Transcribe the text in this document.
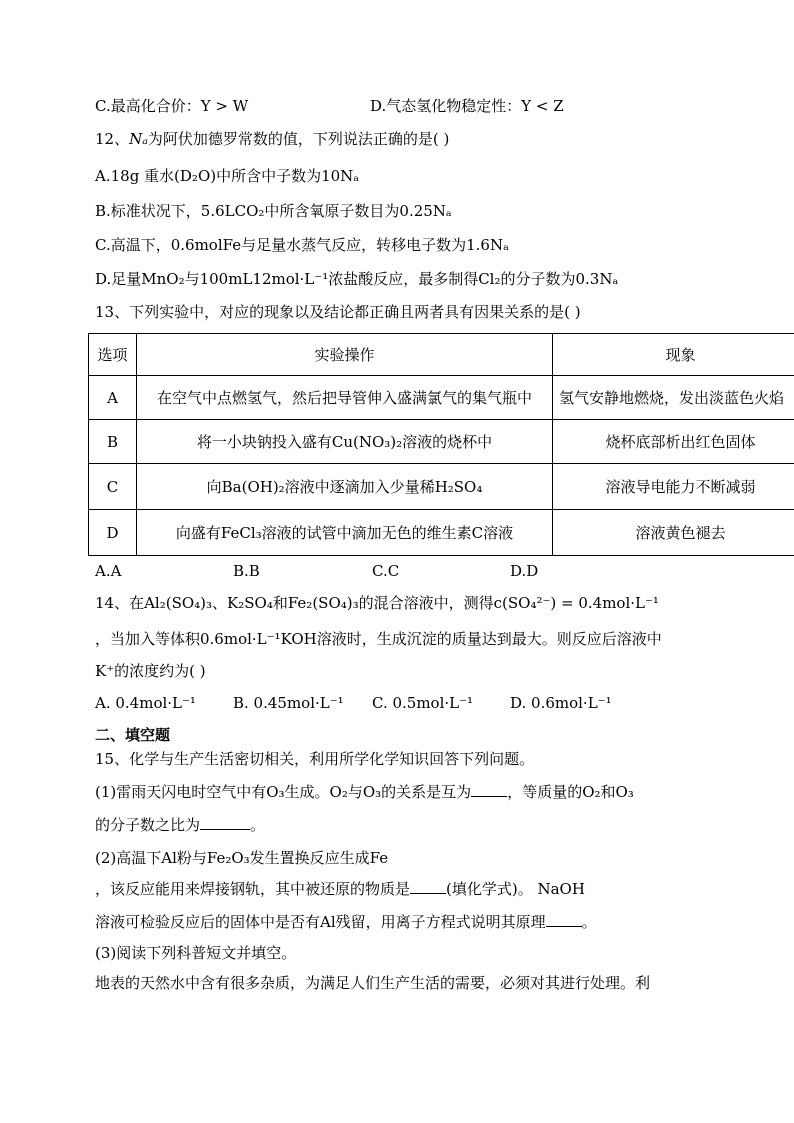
C.最高化合价：Y > W	D.气态氢化物稳定性：Y < Z
12、Nₐ为阿伏加德罗常数的值，下列说法正确的是( )
A.18g 重水(D₂O)中所含中子数为10Nₐ
B.标准状况下，5.6LCO₂中所含氧原子数目为0.25Nₐ
C.高温下，0.6molFe与足量水蒸气反应，转移电子数为1.6Nₐ
D.足量MnO₂与100mL12mol·L⁻¹浓盐酸反应，最多制得Cl₂的分子数为0.3Nₐ
13、下列实验中，对应的现象以及结论都正确且两者具有因果关系的是( )
选项	实验操作	现象
A	在空气中点燃氢气，然后把导管伸入盛满氯气的集气瓶中	氢气安静地燃烧，发出淡蓝色火焰
B	将一小块钠投入盛有Cu(NO₃)₂溶液的烧杯中	烧杯底部析出红色固体
C	向Ba(OH)₂溶液中逐滴加入少量稀H₂SO₄	溶液导电能力不断减弱
D	向盛有FeCl₃溶液的试管中滴加无色的维生素C溶液	溶液黄色褪去
A.A	B.B	C.C	D.D
14、在Al₂(SO₄)₃、K₂SO₄和Fe₂(SO₄)₃的混合溶液中，测得c(SO₄²⁻) = 0.4mol·L⁻¹
，当加入等体积0.6mol·L⁻¹KOH溶液时，生成沉淀的质量达到最大。则反应后溶液中
K⁺的浓度约为( )
A. 0.4mol·L⁻¹ B. 0.45mol·L⁻¹ C. 0.5mol·L⁻¹ D. 0.6mol·L⁻¹
二、填空题
15、化学与生产生活密切相关，利用所学化学知识回答下列问题。
(1)雷雨天闪电时空气中有O₃生成。O₂与O₃的关系是互为 ，等质量的O₂和O₃
的分子数之比为	。
(2)高温下Al粉与Fe₂O₃发生置换反应生成Fe
，该反应能用来焊接钢轨，其中被还原的物质是 (填化学式)。 NaOH
溶液可检验反应后的固体中是否有Al残留，用离子方程式说明其原理 。
(3)阅读下列科普短文并填空。
地表的天然水中含有很多杂质，为满足人们生产生活的需要，必须对其进行处理。利
